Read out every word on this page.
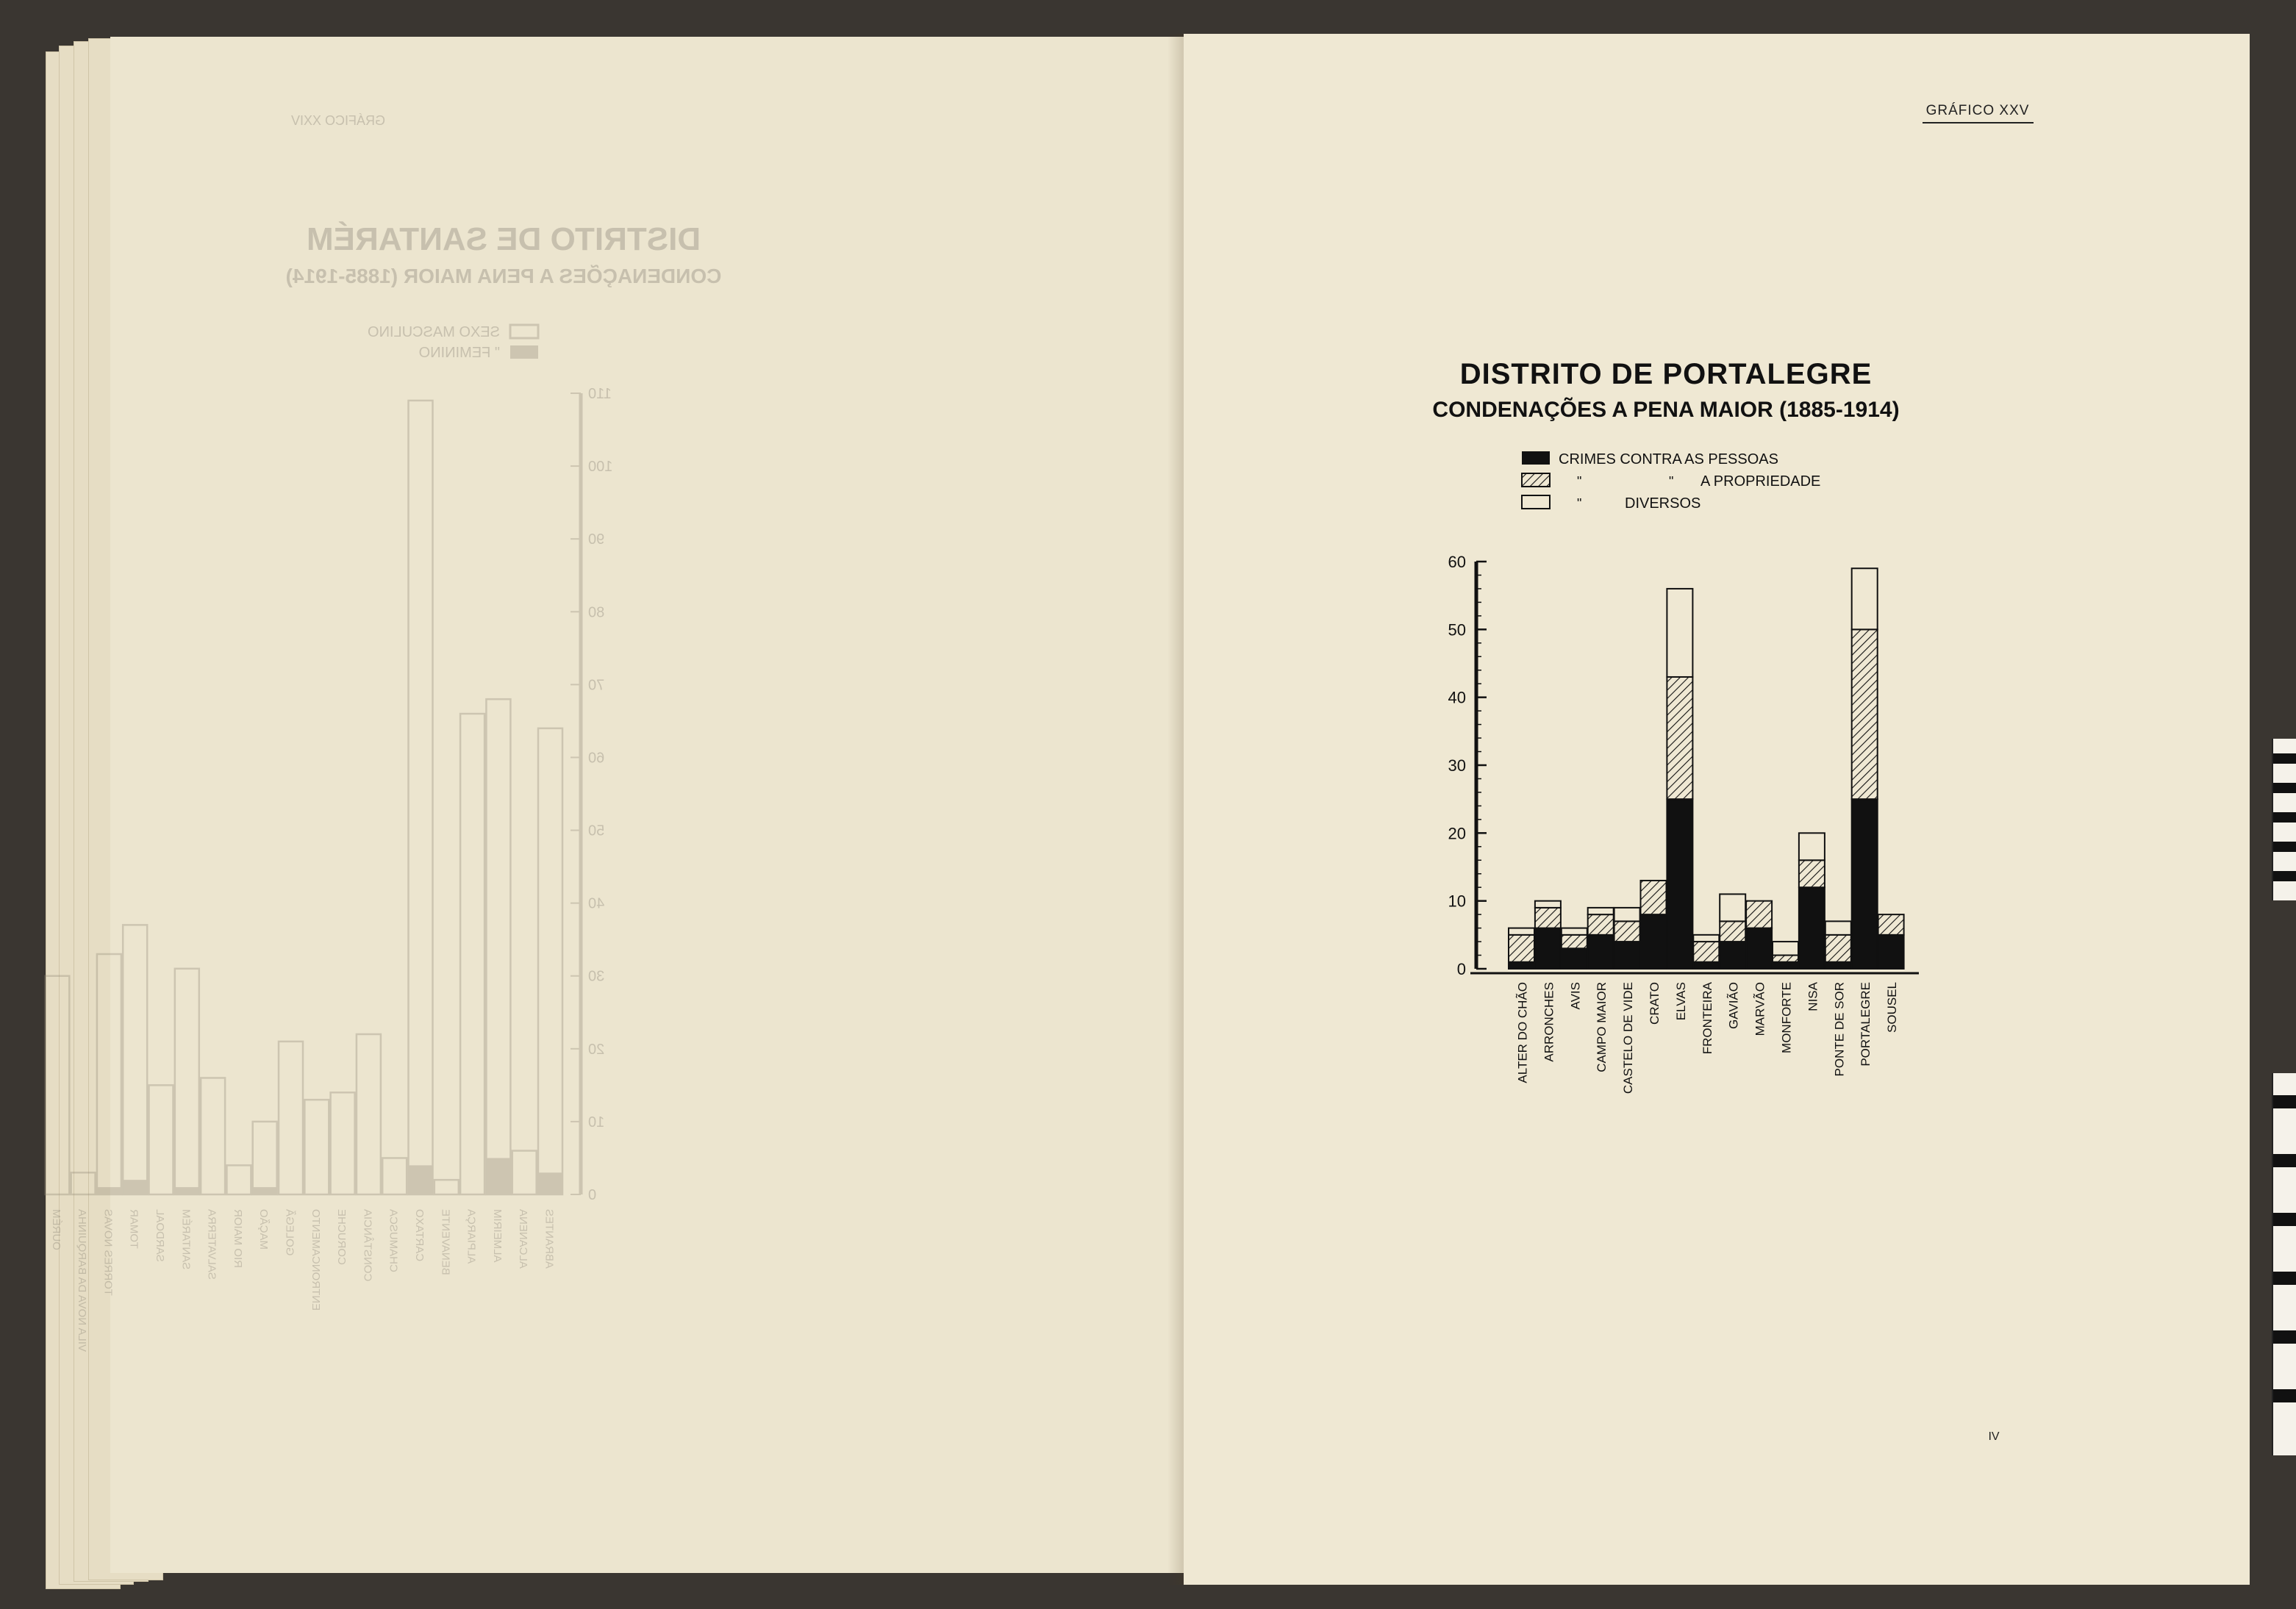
GRÁFICO XXIV
DISTRITO DE SANTARÉM
CONDENAÇÕES A PENA MAIOR (1885-1914)
SEXO MASCULINO
" FEMININO
0
10
20
30
40
50
60
70
80
90
100
110
ABRANTES
ALCANENA
ALMEIRIM
ALPIARÇA
BENAVENTE
CARTAXO
CHAMUSCA
CONSTÂNCIA
CORUCHE
ENTRONCAMENTO
GOLEGÃ
MAÇÃO
RIO MAIOR
SALVATERRA
SANTARÉM
SARDOAL
TOMAR
TORRES NOVAS
VILA NOVA DA BARQUINHA
OURÉM
GRÁFICO XXV
DISTRITO DE PORTALEGRE
CONDENAÇÕES A PENA MAIOR (1885-1914)
CRIMES CONTRA AS PESSOAS
"	" A PROPRIEDADE
"	DIVERSOS
0
10
20
30
40
50
60
ALTER DO CHÃO ARRONCHES AVIS CAMPO MAIOR CASTELO DE VIDE CRATO ELVAS FRONTEIRA GAVIÃO MARVÃO MONFORTE NISA PONTE DE SOR PORTALEGRE SOUSEL
IV
